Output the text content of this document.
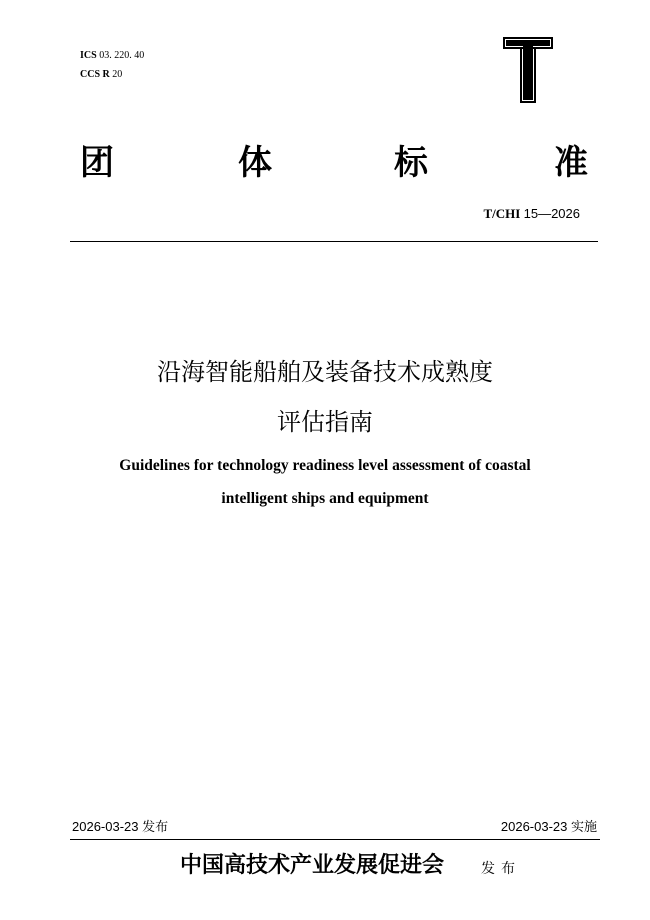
ICS 03. 220. 40
CCS R 20
团	体	标	准
T/CHI 15—2026
沿海智能船舶及装备技术成熟度
评估指南
Guidelines for technology readiness level assessment of coastal
intelligent ships and equipment
2026-03-23 发布	2026-03-23 实施
中国高技术产业发展促进会	发布
